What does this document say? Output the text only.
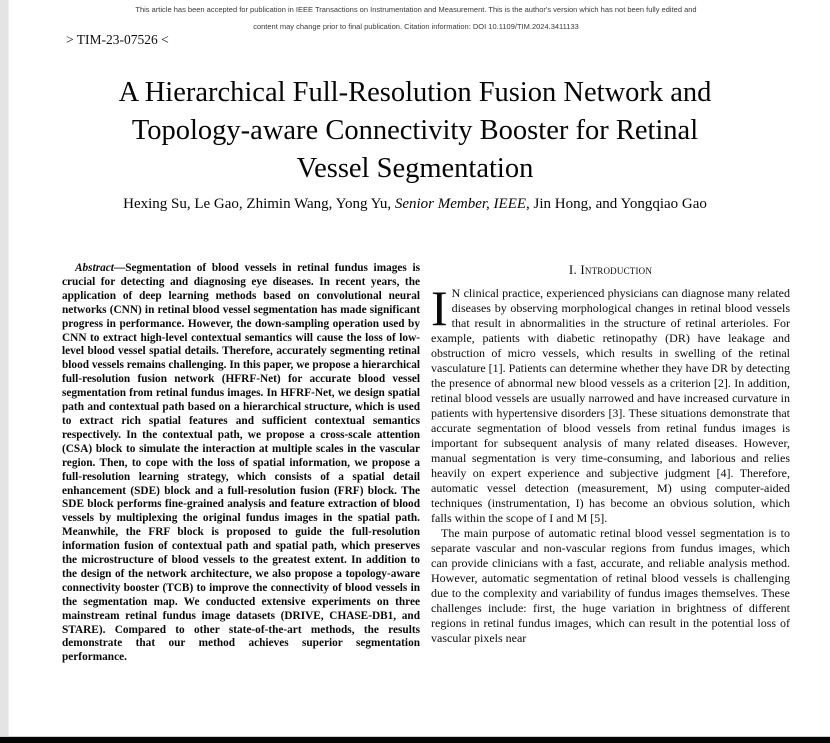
This article has been accepted for publication in IEEE Transactions on Instrumentation and Measurement. This is the author's version which has not been fully edited and
content may change prior to final publication. Citation information: DOI 10.1109/TIM.2024.3411133
> TIM-23-07526 <
A Hierarchical Full-Resolution Fusion Network and
Topology-aware Connectivity Booster for Retinal
Vessel Segmentation
Hexing Su, Le Gao, Zhimin Wang, Yong Yu, Senior Member, IEEE, Jin Hong, and Yongqiao Gao

Abstract—Segmentation of blood vessels in retinal fundus images is crucial for detecting and diagnosing eye diseases. In recent years, the application of deep learning methods based on convolutional neural networks (CNN) in retinal blood vessel segmentation has made significant progress in performance. However, the down-sampling operation used by CNN to extract high-level contextual semantics will cause the loss of low-level blood vessel spatial details. Therefore, accurately segmenting retinal blood vessels remains challenging. In this paper, we propose a hierarchical full-resolution fusion network (HFRF-Net) for accurate blood vessel segmentation from retinal fundus images. In HFRF-Net, we design spatial path and contextual path based on a hierarchical structure, which is used to extract rich spatial features and sufficient contextual semantics respectively. In the contextual path, we propose a cross-scale attention (CSA) block to simulate the interaction at multiple scales in the vascular region. Then, to cope with the loss of spatial information, we propose a full-resolution learning strategy, which consists of a spatial detail enhancement (SDE) block and a full-resolution fusion (FRF) block. The SDE block performs fine-grained analysis and feature extraction of blood vessels by multiplexing the original fundus images in the spatial path. Meanwhile, the FRF block is proposed to guide the full-resolution information fusion of contextual path and spatial path, which preserves the microstructure of blood vessels to the greatest extent. In addition to the design of the network architecture, we also propose a topology-aware connectivity booster (TCB) to improve the connectivity of blood vessels in the segmentation map. We conducted extensive experiments on three mainstream retinal fundus image datasets (DRIVE, CHASE-DB1, and STARE). Compared to other state-of-the-art methods, the results demonstrate that our method achieves superior segmentation performance.

I. Introduction

I N clinical practice, experienced physicians can diagnose many related diseases by observing morphological changes in retinal blood vessels that result in abnormalities in the structure of retinal arterioles. For example, patients with diabetic retinopathy (DR) have leakage and obstruction of micro vessels, which results in swelling of the retinal vasculature [1]. Patients can determine whether they have DR by detecting the presence of abnormal new blood vessels as a criterion [2]. In addition, retinal blood vessels are usually narrowed and have increased curvature in patients with hypertensive disorders [3]. These situations demonstrate that accurate segmentation of blood vessels from retinal fundus images is important for subsequent analysis of many related diseases. However, manual segmentation is very time-consuming, and laborious and relies heavily on expert experience and subjective judgment [4]. Therefore, automatic vessel detection (measurement, M) using computer-aided techniques (instrumentation, I) has become an obvious solution, which falls within the scope of I and M [5].

The main purpose of automatic retinal blood vessel segmentation is to separate vascular and non-vascular regions from fundus images, which can provide clinicians with a fast, accurate, and reliable analysis method. However, automatic segmentation of retinal blood vessels is challenging due to the complexity and variability of fundus images themselves. These challenges include: first, the huge variation in brightness of different regions in retinal fundus images, which can result in the potential loss of vascular pixels near
